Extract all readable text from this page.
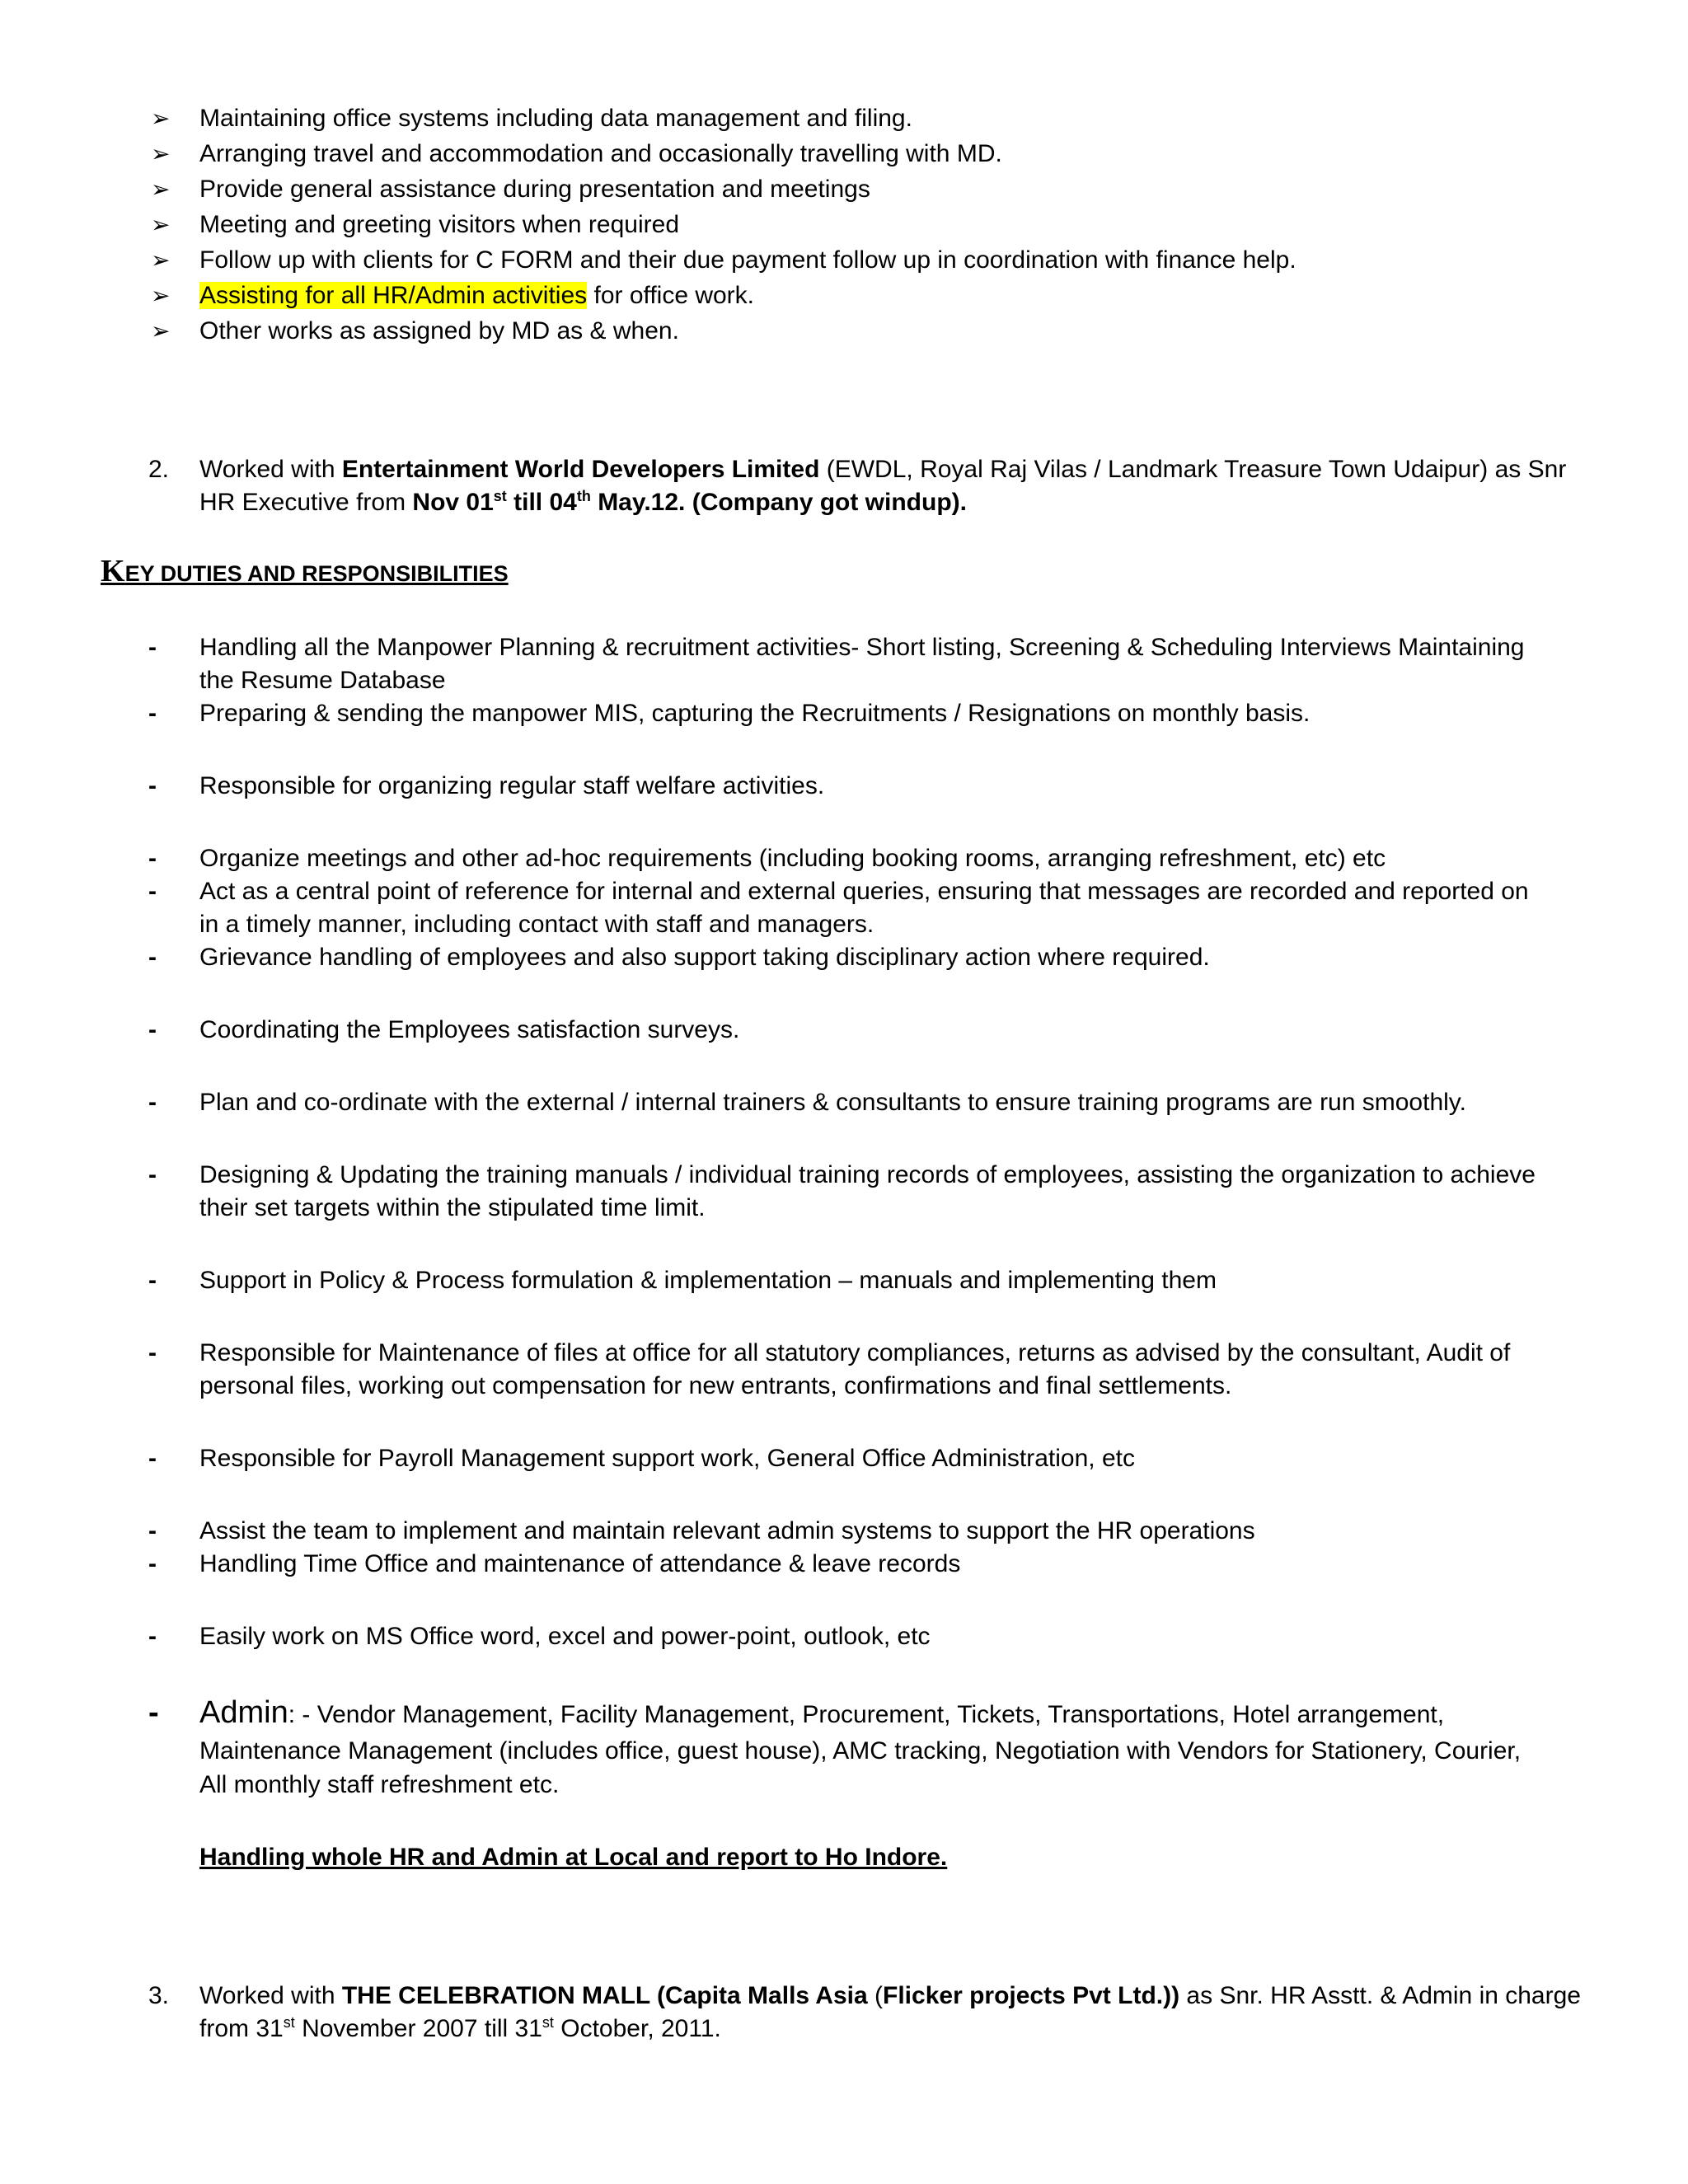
➢ Maintaining office systems including data management and filing.
➢ Arranging travel and accommodation and occasionally travelling with MD.
➢ Provide general assistance during presentation and meetings
➢ Meeting and greeting visitors when required
➢ Follow up with clients for C FORM and their due payment follow up in coordination with finance help.
➢ Assisting for all HR/Admin activities for office work.
➢ Other works as assigned by MD as & when.
2. Worked with Entertainment World Developers Limited (EWDL, Royal Raj Vilas / Landmark Treasure Town Udaipur) as Snr
HR Executive from Nov 01st till 04th May.12. (Company got windup).
KEY DUTIES AND RESPONSIBILITIES
- Handling all the Manpower Planning & recruitment activities- Short listing, Screening & Scheduling Interviews Maintaining
the Resume Database
- Preparing & sending the manpower MIS, capturing the Recruitments / Resignations on monthly basis.
- Responsible for organizing regular staff welfare activities.
- Organize meetings and other ad-hoc requirements (including booking rooms, arranging refreshment, etc) etc
- Act as a central point of reference for internal and external queries, ensuring that messages are recorded and reported on
in a timely manner, including contact with staff and managers.
- Grievance handling of employees and also support taking disciplinary action where required.
- Coordinating the Employees satisfaction surveys.
- Plan and co-ordinate with the external / internal trainers & consultants to ensure training programs are run smoothly.
- Designing & Updating the training manuals / individual training records of employees, assisting the organization to achieve
their set targets within the stipulated time limit.
- Support in Policy & Process formulation & implementation – manuals and implementing them
- Responsible for Maintenance of files at office for all statutory compliances, returns as advised by the consultant, Audit of
personal files, working out compensation for new entrants, confirmations and final settlements.
- Responsible for Payroll Management support work, General Office Administration, etc
- Assist the team to implement and maintain relevant admin systems to support the HR operations
- Handling Time Office and maintenance of attendance & leave records
- Easily work on MS Office word, excel and power-point, outlook, etc
- Admin: - Vendor Management, Facility Management, Procurement, Tickets, Transportations, Hotel arrangement,
Maintenance Management (includes office, guest house), AMC tracking, Negotiation with Vendors for Stationery, Courier,
All monthly staff refreshment etc.
Handling whole HR and Admin at Local and report to Ho Indore.
3. Worked with THE CELEBRATION MALL (Capita Malls Asia (Flicker projects Pvt Ltd.)) as Snr. HR Asstt. & Admin in charge
from 31st November 2007 till 31st October, 2011.
